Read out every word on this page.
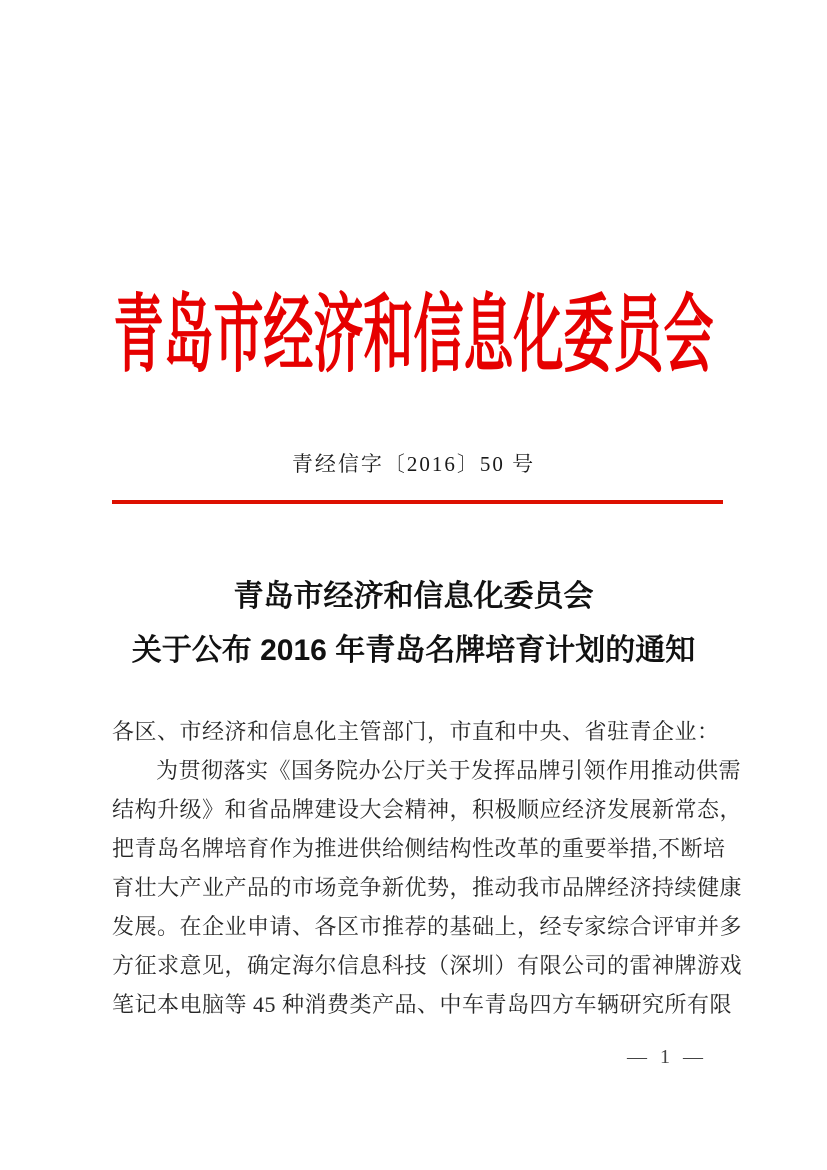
青岛市经济和信息化委员会
青经信字〔2016〕50 号
青岛市经济和信息化委员会
关于公布 2016 年青岛名牌培育计划的通知
各区、市经济和信息化主管部门，市直和中央、省驻青企业：
为贯彻落实《国务院办公厅关于发挥品牌引领作用推动供需
结构升级》和省品牌建设大会精神，积极顺应经济发展新常态，
把青岛名牌培育作为推进供给侧结构性改革的重要举措,不断培
育壮大产业产品的市场竞争新优势，推动我市品牌经济持续健康
发展。在企业申请、各区市推荐的基础上，经专家综合评审并多
方征求意见，确定海尔信息科技（深圳）有限公司的雷神牌游戏
笔记本电脑等 45 种消费类产品、中车青岛四方车辆研究所有限
— 1 —
